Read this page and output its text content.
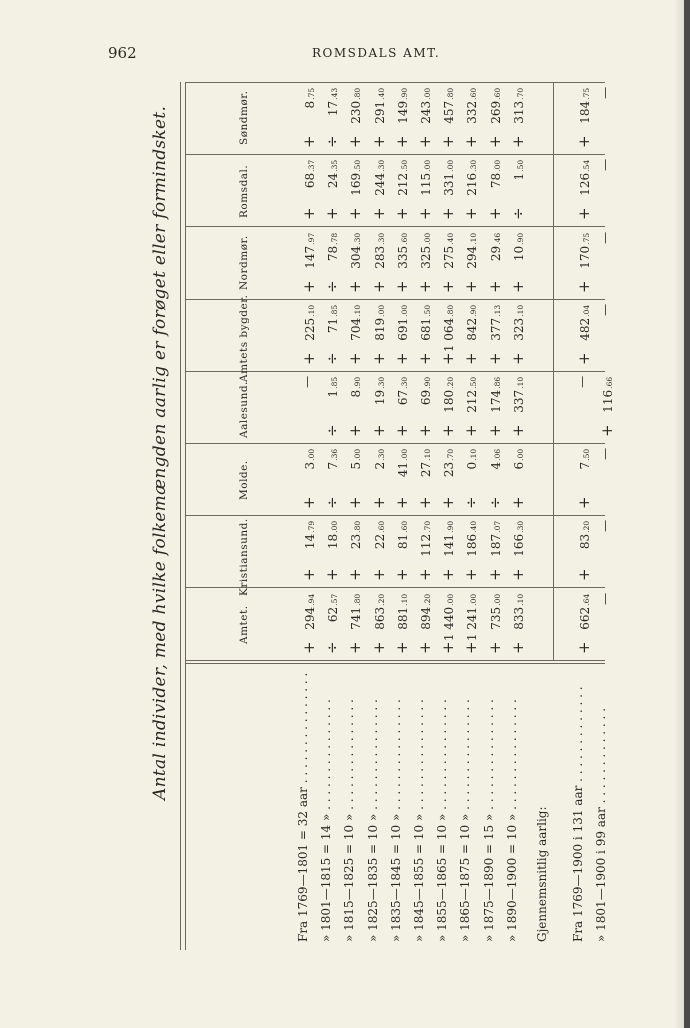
962	ROMSDALS AMT.
Antal individer, med hvilke folkemængden aarlig er forøget eller formindsket.	Søndmør.
Romsdal.
Nordmør.
Amtets bygder.
Aalesund.
Molde.
Kristiansund.
Amtet.
Fra 1769—1801 = 32 aar . . . . . . . . . . . . . . . » 1801—1815 = 14 » . . . . . . . . . . . . . . . » 1815—1825 = 10 » . . . . . . . . . . . . . . . » 1825—1835 = 10 » . . . . . . . . . . . . . . . » 1835—1845 = 10 » . . . . . . . . . . . . . . . » 1845—1855 = 10 » . . . . . . . . . . . . . . . » 1855—1865 = 10 » . . . . . . . . . . . . . . . » 1865—1875 = 10 » . . . . . . . . . . . . . . . » 1875—1890 = 15 » . . . . . . . . . . . . . . . » 1890—1900 = 10 » . . . . . . . . . . . . . . . Gjennemsnitlig aarlig: Fra 1769—1900 i 131 aar . . . . . . . . . . . . . » 1801—1900 i 99 aar . . . . . . . . . . . . .
+
8
.75
÷
17
.43
+
230
.80
+
291
.40
+
149
.90
+
243
.00
+
457
.80
+
332
.60
+
269
.60
+
313
.70
+
68
.37
+
24
.35
+
169
.50
+
244
.30
+
212
.50
+
115
.00
+
331
.00
+
216
.30
+
78
.00
÷
1
.50
+
147
.97
÷
78
.78
+
304
.30
+
283
.30
+
335
.60
+
325
.00
+
275
.40
+
294
.10
+
29
.46
+
10
.90
+
225
.10
÷
71
.85
+
704
.10
+
819
.00
+
691
.00
+
681
.50
+
1 064
.80
+
842
.90
+
377
.13
+
323
.10
—
÷
1
.85
+
8
.90
+
19
.30
+
67
.30
+
69
.90
+
180
.20
+
212
.50
+
174
.86
+
337
.10
+
3
.00
÷
7
.36
+
5
.00
+
2
.30
+
41
.00
+
27
.10
+
23
.70
÷
0
.10
÷
4
.06
+
6
.00
+
14
.79
+
18
.00
+
23
.80
+
22
.60
+
81
.60
+
112
.70
+
141
.90
+
186
.40
+
187
.07
+
166
.30
+
294
.94
÷
62
.57
+
741
.80
+
863
.20
+
881
.10
+
894
.20
+
1 440
.00
+
1 241
.00
+
735
.00
+
833
.10
+
184
.75 —
+
126
.54 —
+
170
.75 —
+
482
.04 —
—
+
116
.66
+
7
.50 —
+
83
.20 —
+
662
.64 —
